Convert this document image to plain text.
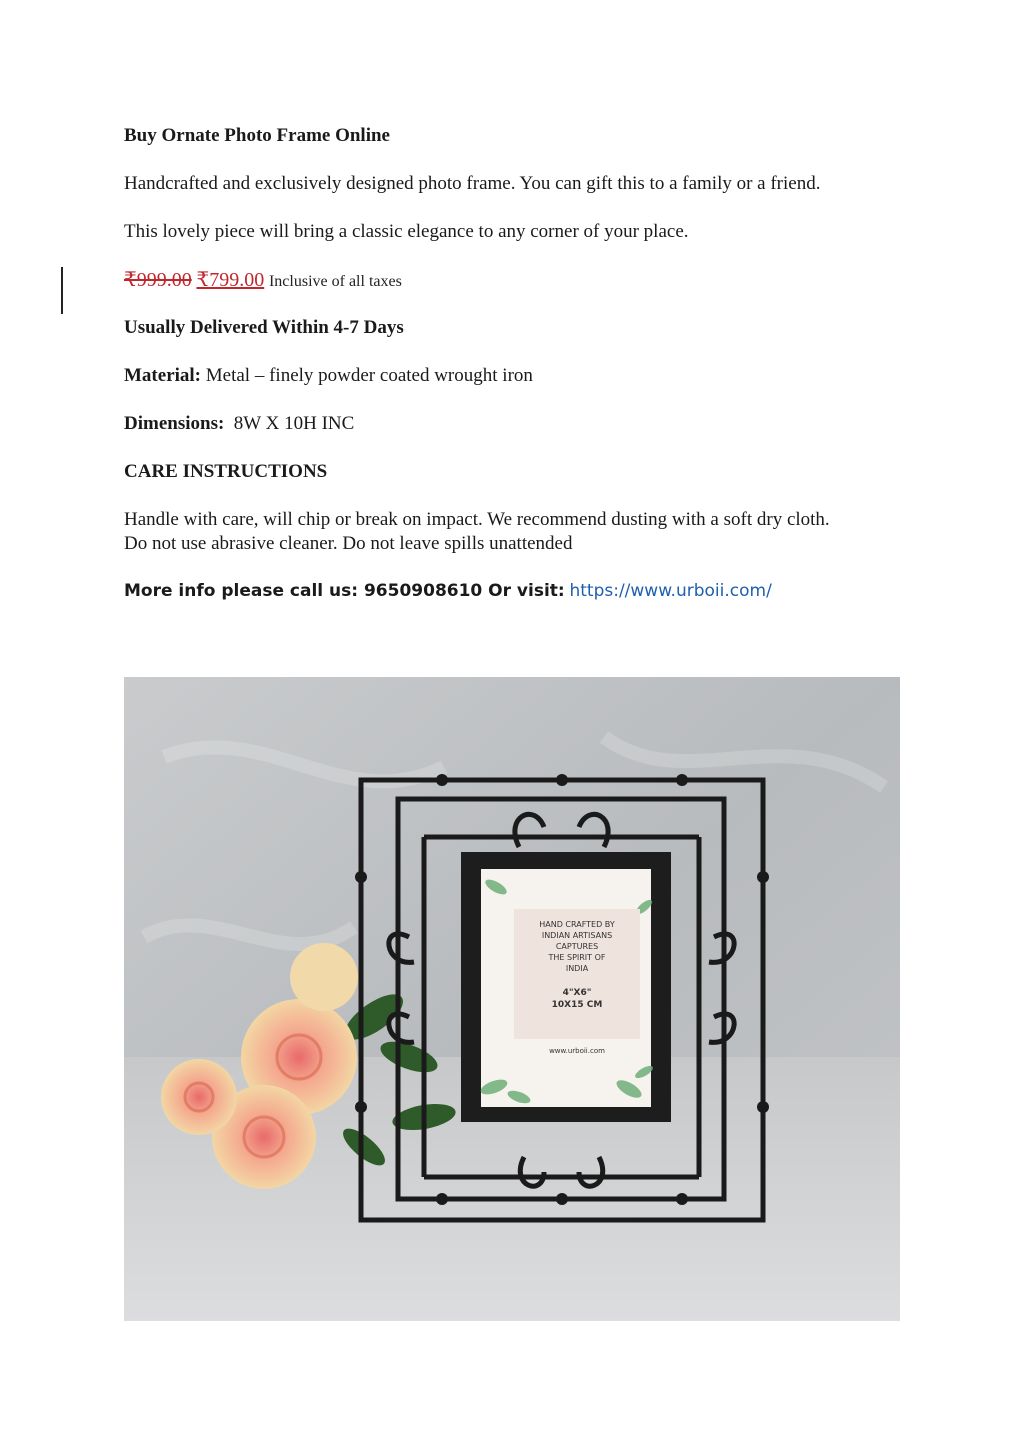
Buy Ornate Photo Frame Online
Handcrafted and exclusively designed photo frame. You can gift this to a family or a friend.
This lovely piece will bring a classic elegance to any corner of your place.
₹999.00 ₹799.00 Inclusive of all taxes
Usually Delivered Within 4-7 Days
Material: Metal – finely powder coated wrought iron
Dimensions: 8W X 10H INC
CARE INSTRUCTIONS
Handle with care, will chip or break on impact. We recommend dusting with a soft dry cloth.
Do not use abrasive cleaner. Do not leave spills unattended
More info please call us: 9650908610 Or visit: https://www.urboii.com/
HAND CRAFTED BY
INDIAN ARTISANS
CAPTURES
THE SPIRIT OF
INDIA
4"X6"
10X15 CM
www.urboii.com
